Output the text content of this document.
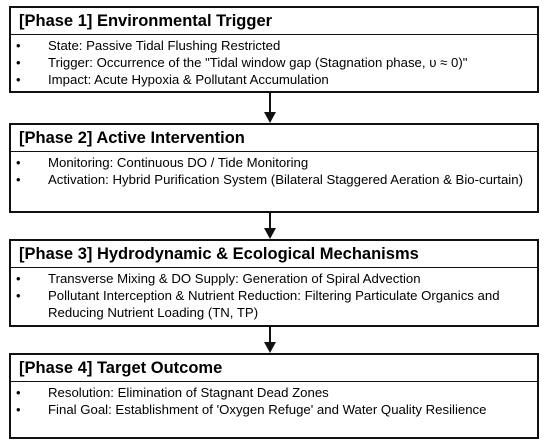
[Phase 1] Environmental Trigger
• State: Passive Tidal Flushing Restricted
• Trigger: Occurrence of the "Tidal window gap (Stagnation phase, υ ≈ 0)"
• Impact: Acute Hypoxia & Pollutant Accumulation
[Phase 2] Active Intervention
• Monitoring: Continuous DO / Tide Monitoring
• Activation: Hybrid Purification System (Bilateral Staggered Aeration & Bio-curtain)
[Phase 3] Hydrodynamic & Ecological Mechanisms
• Transverse Mixing & DO Supply: Generation of Spiral Advection
• Pollutant Interception & Nutrient Reduction: Filtering Particulate Organics and Reducing Nutrient Loading (TN, TP)
[Phase 4] Target Outcome
• Resolution: Elimination of Stagnant Dead Zones
• Final Goal: Establishment of 'Oxygen Refuge' and Water Quality Resilience
